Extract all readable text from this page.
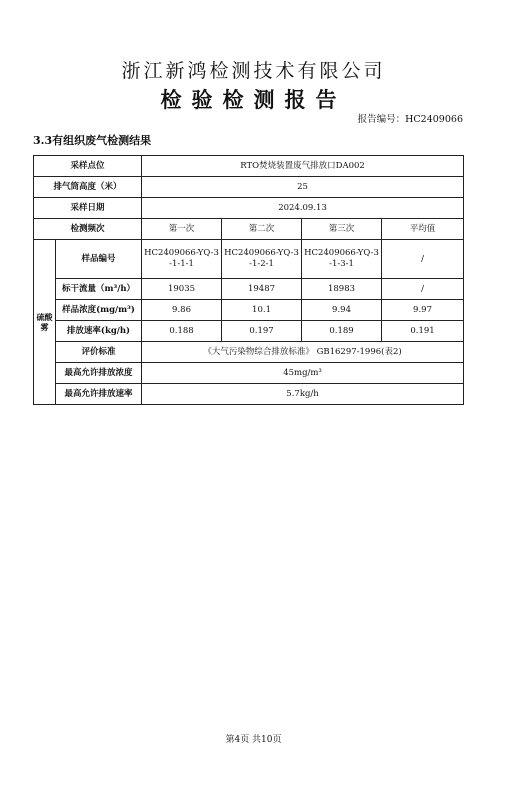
浙江新鸿检测技术有限公司
检验检测报告
报告编号：HC2409066
3.3有组织废气检测结果
采样点位		RTO焚烧装置废气排放口DA002			
排气筒高度（米）		25			
采样日期		2024.09.13			
检测频次		第一次	第二次	第三次	平均值
硫酸雾	样品编号	HC2409066-YQ-3-1-1-1	HC2409066-YQ-3-1-2-1	HC2409066-YQ-3-1-3-1	/
	标干流量（m³/h）	19035	19487	18983	/
	样品浓度(mg/m³)	9.86	10.1	9.94	9.97
	排放速率(kg/h)	0.188	0.197	0.189	0.191
	评价标准	《大气污染物综合排放标准》 GB16297-1996(表2)			
	最高允许排放浓度	45mg/m³			
	最高允许排放速率	5.7kg/h			
第4页 共10页
